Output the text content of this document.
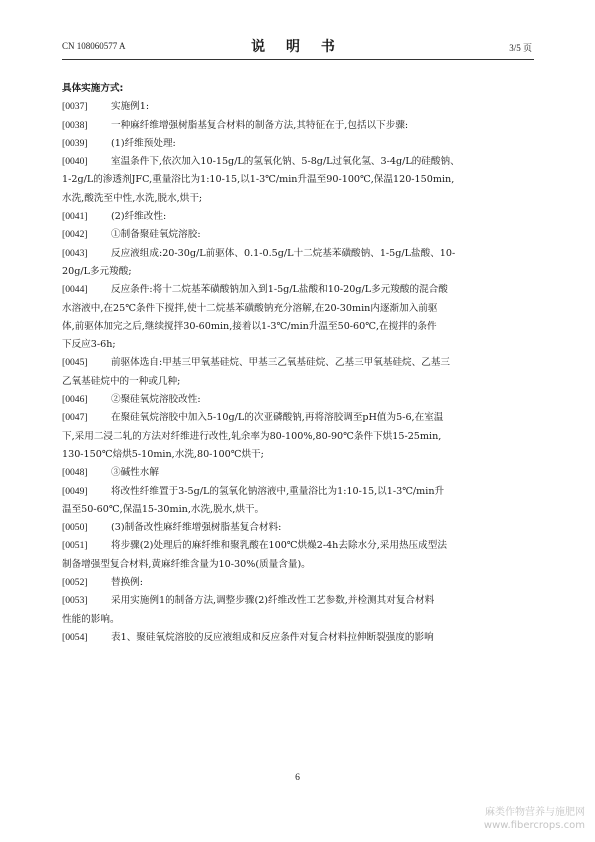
CN 108060577 A	说 明 书	3/5 页
具体实施方式:
[0037]	实施例1:
[0038]	一种麻纤维增强树脂基复合材料的制备方法,其特征在于,包括以下步骤:
[0039]	(1)纤维预处理:
[0040]	室温条件下,依次加入10-15g/L的氢氧化钠、5-8g/L过氧化氢、3-4g/L的硅酸钠、
1-2g/L的渗透剂JFC,重量浴比为1:10-15,以1-3℃/min升温至90-100℃,保温120-150min,
水洗,酸洗至中性,水洗,脱水,烘干;
[0041]	(2)纤维改性:
[0042]	①制备聚硅氧烷溶胶:
[0043]	反应液组成:20-30g/L前驱体、0.1-0.5g/L十二烷基苯磺酸钠、1-5g/L盐酸、10-
20g/L多元羧酸;
[0044]	反应条件:将十二烷基苯磺酸钠加入到1-5g/L盐酸和10-20g/L多元羧酸的混合酸
水溶液中,在25℃条件下搅拌,使十二烷基苯磺酸钠充分溶解,在20-30min内逐渐加入前驱
体,前驱体加完之后,继续搅拌30-60min,接着以1-3℃/min升温至50-60℃,在搅拌的条件
下反应3-6h;
[0045]	前驱体选自:甲基三甲氧基硅烷、甲基三乙氧基硅烷、乙基三甲氧基硅烷、乙基三
乙氧基硅烷中的一种或几种;
[0046]	②聚硅氧烷溶胶改性:
[0047]	在聚硅氧烷溶胶中加入5-10g/L的次亚磷酸钠,再将溶胶调至pH值为5-6,在室温
下,采用二浸二轧的方法对纤维进行改性,轧余率为80-100%,80-90℃条件下烘15-25min,
130-150℃焙烘5-10min,水洗,80-100℃烘干;
[0048]	③碱性水解
[0049]	将改性纤维置于3-5g/L的氢氧化钠溶液中,重量浴比为1:10-15,以1-3℃/min升
温至50-60℃,保温15-30min,水洗,脱水,烘干。
[0050]	(3)制备改性麻纤维增强树脂基复合材料:
[0051]	将步骤(2)处理后的麻纤维和聚乳酸在100℃烘燥2-4h去除水分,采用热压成型法
制备增强型复合材料,黄麻纤维含量为10-30%(质量含量)。
[0052]	替换例:
[0053]	采用实施例1的制备方法,调整步骤(2)纤维改性工艺参数,并检测其对复合材料
性能的影响。
[0054]	表1、聚硅氧烷溶胶的反应液组成和反应条件对复合材料拉伸断裂强度的影响
6
麻类作物营养与施肥网
www.fibercrops.com
